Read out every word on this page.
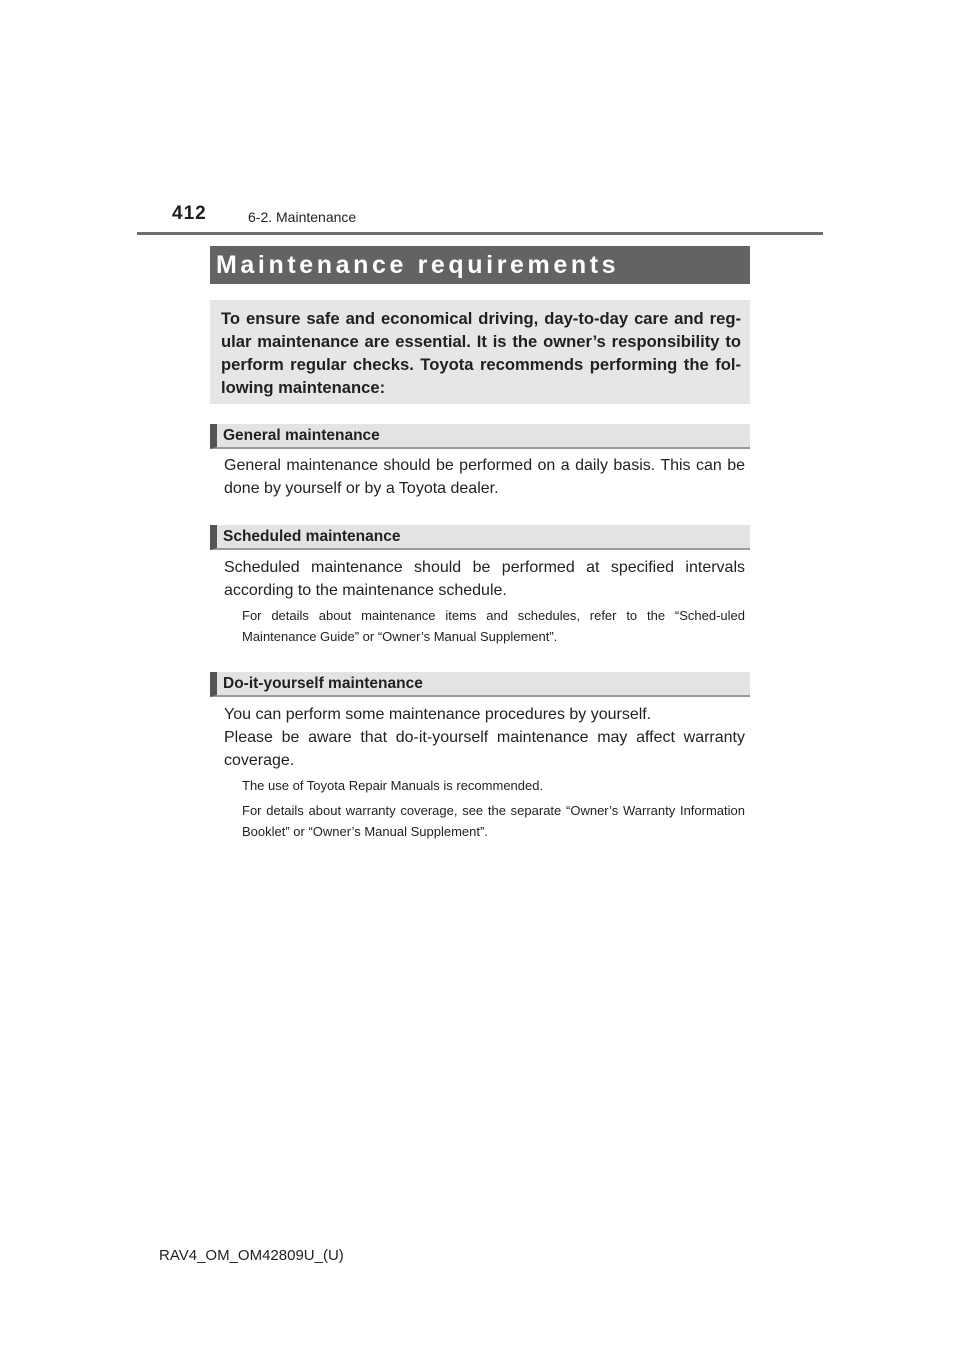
412	6-2. Maintenance
Maintenance requirements

To ensure safe and economical driving, day-to-day care and reg-ular maintenance are essential. It is the owner’s responsibility to perform regular checks. Toyota recommends performing the fol-lowing maintenance:

General maintenance

General maintenance should be performed on a daily basis. This can be done by yourself or by a Toyota dealer.

Scheduled maintenance

Scheduled maintenance should be performed at specified intervals according to the maintenance schedule.

For details about maintenance items and schedules, refer to the “Sched-uled Maintenance Guide” or “Owner’s Manual Supplement”.

Do-it-yourself maintenance

You can perform some maintenance procedures by yourself.

Please be aware that do-it-yourself maintenance may affect warranty coverage.

The use of Toyota Repair Manuals is recommended.

For details about warranty coverage, see the separate “Owner’s Warranty Information Booklet” or “Owner’s Manual Supplement”.

RAV4_OM_OM42809U_(U)
